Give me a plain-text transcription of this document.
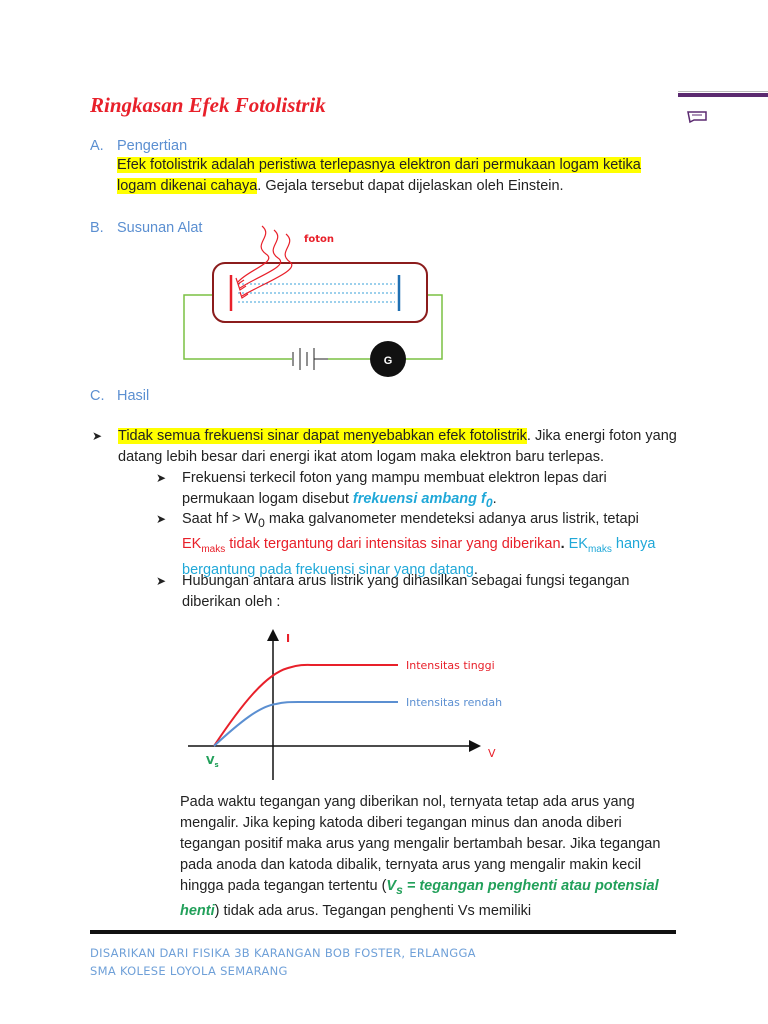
Ringkasan Efek Fotolistrik
A. Pengertian
Efek fotolistrik adalah peristiwa terlepasnya elektron dari permukaan logam ketika logam dikenai cahaya. Gejala tersebut dapat dijelaskan oleh Einstein.
B. Susunan Alat
G
foton
C. Hasil
➤	Tidak semua frekuensi sinar dapat menyebabkan efek fotolistrik. Jika energi foton yang datang lebih besar dari energi ikat atom logam maka elektron baru terlepas.
➤	Frekuensi terkecil foton yang mampu membuat elektron lepas dari permukaan logam disebut frekuensi ambang $f_0$.
➤	Saat hf > $W_0$ maka galvanometer mendeteksi adanya arus listrik, tetapi $EK_{maks}$ tidak tergantung dari intensitas sinar yang diberikan. $EK_{maks}$ hanya bergantung pada frekuensi sinar yang datang.
➤	Hubungan antara arus listrik yang dihasilkan sebagai fungsi tegangan diberikan oleh :
I
V
Intensitas tinggi
Intensitas rendah
$V_s$
Pada waktu tegangan yang diberikan nol, ternyata tetap ada arus yang mengalir. Jika keping katoda diberi tegangan minus dan anoda diberi tegangan positif maka arus yang mengalir bertambah besar. Jika tegangan pada anoda dan katoda dibalik, ternyata arus yang mengalir makin kecil hingga pada tegangan tertentu ($V_s$ = tegangan penghenti atau potensial henti) tidak ada arus. Tegangan penghenti Vs memiliki
DISARIKAN DARI FISIKA 3B KARANGAN BOB FOSTER, ERLANGGA
SMA KOLESE LOYOLA SEMARANG
